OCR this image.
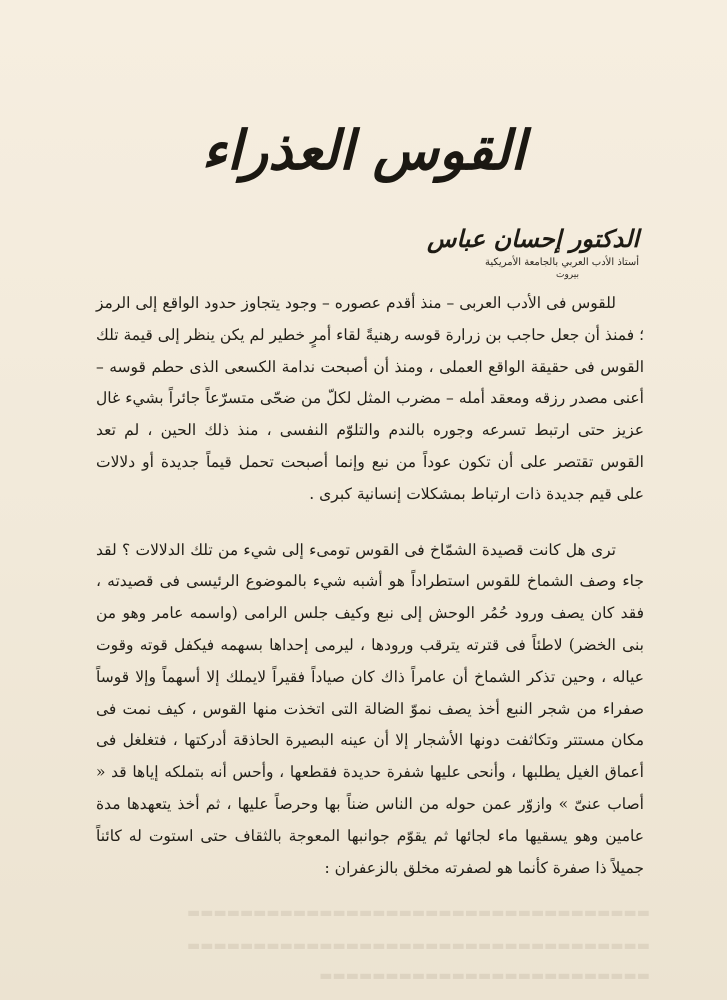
القوس العذراء
الدكتور إحسان عباس
أستاذ الأدب العربي بالجامعة الأمريكية
بيروت

للقوس فى الأدب العربى – منذ أقدم عصوره – وجود يتجاوز حدود الواقع إلى الرمز ؛ فمنذ أن جعل حاجب بن زرارة قوسه رهنيةً لقاء أمرٍ خطير لم يكن ينظر إلى قيمة تلك القوس فى حقيقة الواقع العملى ، ومنذ أن أصبحت ندامة الكسعى الذى حطم قوسه – أعنى مصدر رزقه ومعقد أمله – مضرب المثل لكلّ من ضحّى متسرّعاً جائراً بشيء غال عزيز حتى ارتبط تسرعه وجوره بالندم والتلوّم النفسى ، منذ ذلك الحين ، لم تعد القوس تقتصر على أن تكون عوداً من نبع وإنما أصبحت تحمل قيماً جديدة أو دلالات على قيم جديدة ذات ارتباط بمشكلات إنسانية كبرى .

ترى هل كانت قصيدة الشمّاخ فى القوس تومىء إلى شيء من تلك الدلالات ؟ لقد جاء وصف الشماخ للقوس استطراداً هو أشبه شيء بالموضوع الرئيسى فى قصيدته ، فقد كان يصف ورود حُمُر الوحش إلى نبع وكيف جلس الرامى (واسمه عامر وهو من بنى الخضر) لاطئاً فى قترته يترقب ورودها ، ليرمى إحداها بسهمه فيكفل قوته وقوت عياله ، وحين تذكر الشماخ أن عامراً ذاك كان صياداً فقيراً لايملك إلا أسهماً وإلا قوساً صفراء من شجر النبع أخذ يصف نموّ الضالة التى اتخذت منها القوس ، كيف نمت فى مكان مستتر وتكاثفت دونها الأشجار إلا أن عينه البصيرة الحاذقة أدركتها ، فتغلغل فى أعماق الغيل يطلبها ، وأنحى عليها شفرة حديدة فقطعها ، وأحس أنه بتملكه إياها قد « أصاب عنىّ » وازوّر عمن حوله من الناس ضناً بها وحرصاً عليها ، ثم أخذ يتعهدها مدة عامين وهو يسقيها ماء لجائها ثم يقوّم جوانبها المعوجة بالثقاف حتى استوت له كائناً جميلاً ذا صفرة كأنما هو لصفرته مخلق بالزعفران :

▬▬▬▬▬▬▬▬▬▬▬▬▬▬▬▬▬▬▬▬▬▬▬▬▬▬▬▬▬▬▬▬▬▬▬
▬▬▬▬▬▬▬▬▬▬▬▬▬▬▬▬▬▬▬▬▬▬▬▬▬▬▬▬▬▬▬▬▬▬▬
▬▬▬▬▬▬▬▬▬▬▬▬▬▬▬▬▬▬▬▬▬▬▬▬▬
